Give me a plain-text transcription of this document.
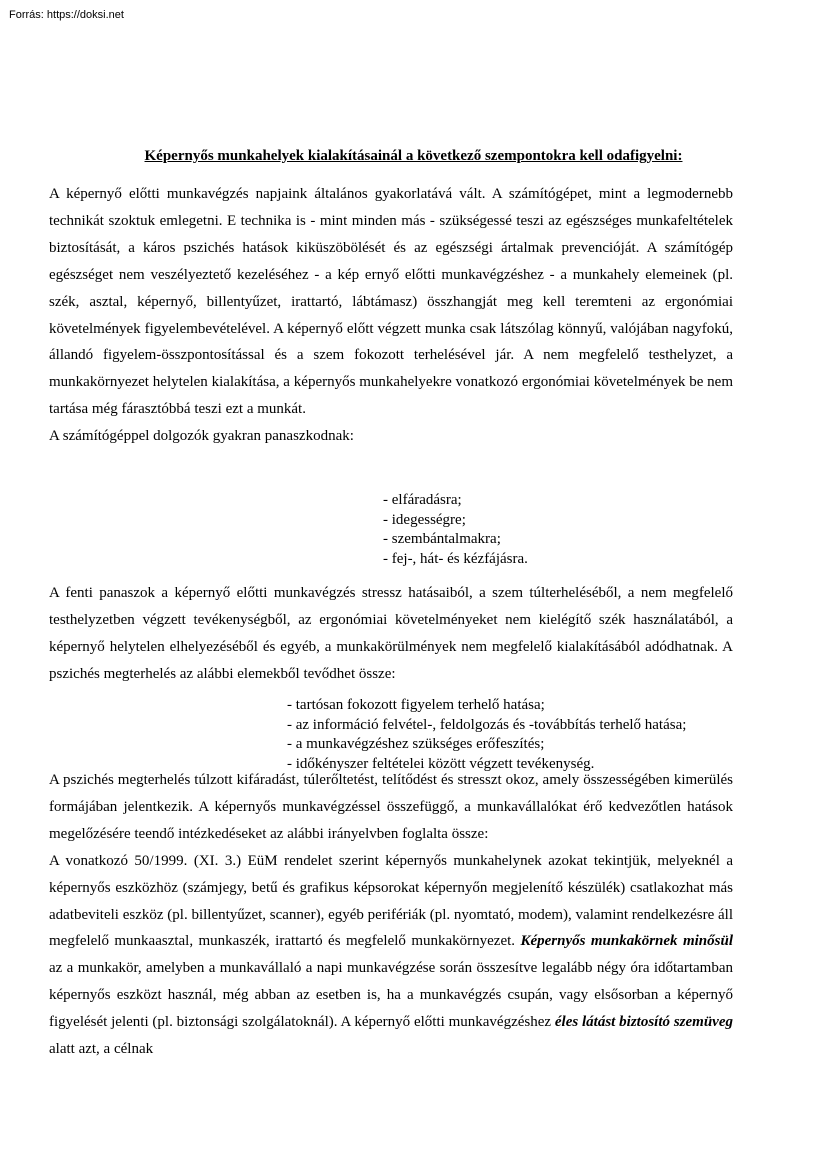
Forrás: https://doksi.net
Képernyős munkahelyek kialakításainál a következő szempontokra kell odafigyelni:

A képernyő előtti munkavégzés napjaink általános gyakorlatává vált. A számítógépet, mint a legmodernebb technikát szoktuk emlegetni. E technika is - mint minden más - szükségessé teszi az egészséges munkafeltételek biztosítását, a káros pszichés hatások kiküszöbölését és az egészségi ártalmak prevencióját. A számítógép egészséget nem veszélyeztető kezeléséhez - a kép ernyő előtti munkavégzéshez - a munkahely elemeinek (pl. szék, asztal, képernyő, billentyűzet, irattartó, lábtámasz) összhangját meg kell teremteni az ergonómiai követelmények figyelembevételével. A képernyő előtt végzett munka csak látszólag könnyű, valójában nagyfokú, állandó figyelem-összpontosítással és a szem fokozott terhelésével jár. A nem megfelelő testhelyzet, a munkakörnyezet helytelen kialakítása, a képernyős munkahelyekre vonatkozó ergonómiai követelmények be nem tartása még fárasztóbbá teszi ezt a munkát.

A számítógéppel dolgozók gyakran panaszkodnak:

- elfáradásra;
- idegességre;
- szembántalmakra;
- fej-, hát- és kézfájásra.

A fenti panaszok a képernyő előtti munkavégzés stressz hatásaiból, a szem túlterheléséből, a nem megfelelő testhelyzetben végzett tevékenységből, az ergonómiai követelményeket nem kielégítő szék használatából, a képernyő helytelen elhelyezéséből és egyéb, a munkakörülmények nem megfelelő kialakításából adódhatnak. A pszichés megterhelés az alábbi elemekből tevődhet össze:

- tartósan fokozott figyelem terhelő hatása;
- az információ felvétel-, feldolgozás és -továbbítás terhelő hatása;
- a munkavégzéshez szükséges erőfeszítés;
- időkényszer feltételei között végzett tevékenység.

A pszichés megterhelés túlzott kifáradást, túlerőltetést, telítődést és stresszt okoz, amely összességében kimerülés formájában jelentkezik. A képernyős munkavégzéssel összefüggő, a munkavállalókat érő kedvezőtlen hatások megelőzésére teendő intézkedéseket az alábbi irányelvben foglalta össze:

A vonatkozó 50/1999. (XI. 3.) EüM rendelet szerint képernyős munkahelynek azokat tekintjük, melyeknél a képernyős eszközhöz (számjegy, betű és grafikus képsorokat képernyőn megjelenítő készülék) csatlakozhat más adatbeviteli eszköz (pl. billentyűzet, scanner), egyéb perifériák (pl. nyomtató, modem), valamint rendelkezésre áll megfelelő munkaasztal, munkaszék, irattartó és megfelelő munkakörnyezet. Képernyős munkakörnek minősül az a munkakör, amelyben a munkavállaló a napi munkavégzése során összesítve legalább négy óra időtartamban képernyős eszközt használ, még abban az esetben is, ha a munkavégzés csupán, vagy elsősorban a képernyő figyelését jelenti (pl. biztonsági szolgálatoknál). A képernyő előtti munkavégzéshez éles látást biztosító szemüveg alatt azt, a célnak
